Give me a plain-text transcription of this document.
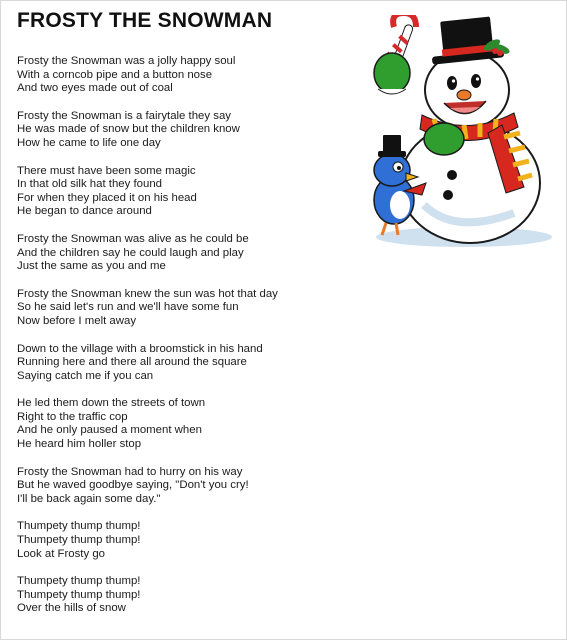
FROSTY THE SNOWMAN
Frosty the Snowman was a jolly happy soul
With a corncob pipe and a button nose
And two eyes made out of coal
Frosty the Snowman is a fairytale they say
He was made of snow but the children know
How he came to life one day
There must have been some magic
In that old silk hat they found
For when they placed it on his head
He began to dance around
Frosty the Snowman was alive as he could be
And the children say he could laugh and play
Just the same as you and me
Frosty the Snowman knew the sun was hot that day
So he said let's run and we'll have some fun
Now before I melt away
Down to the village with a broomstick in his hand
Running here and there all around the square
Saying catch me if you can
He led them down the streets of town
Right to the traffic cop
And he only paused a moment when
He heard him holler stop
Frosty the Snowman had to hurry on his way
But he waved goodbye saying, "Don't you cry!
I'll be back again some day."
Thumpety thump thump!
Thumpety thump thump!
Look at Frosty go
Thumpety thump thump!
Thumpety thump thump!
Over the hills of snow
